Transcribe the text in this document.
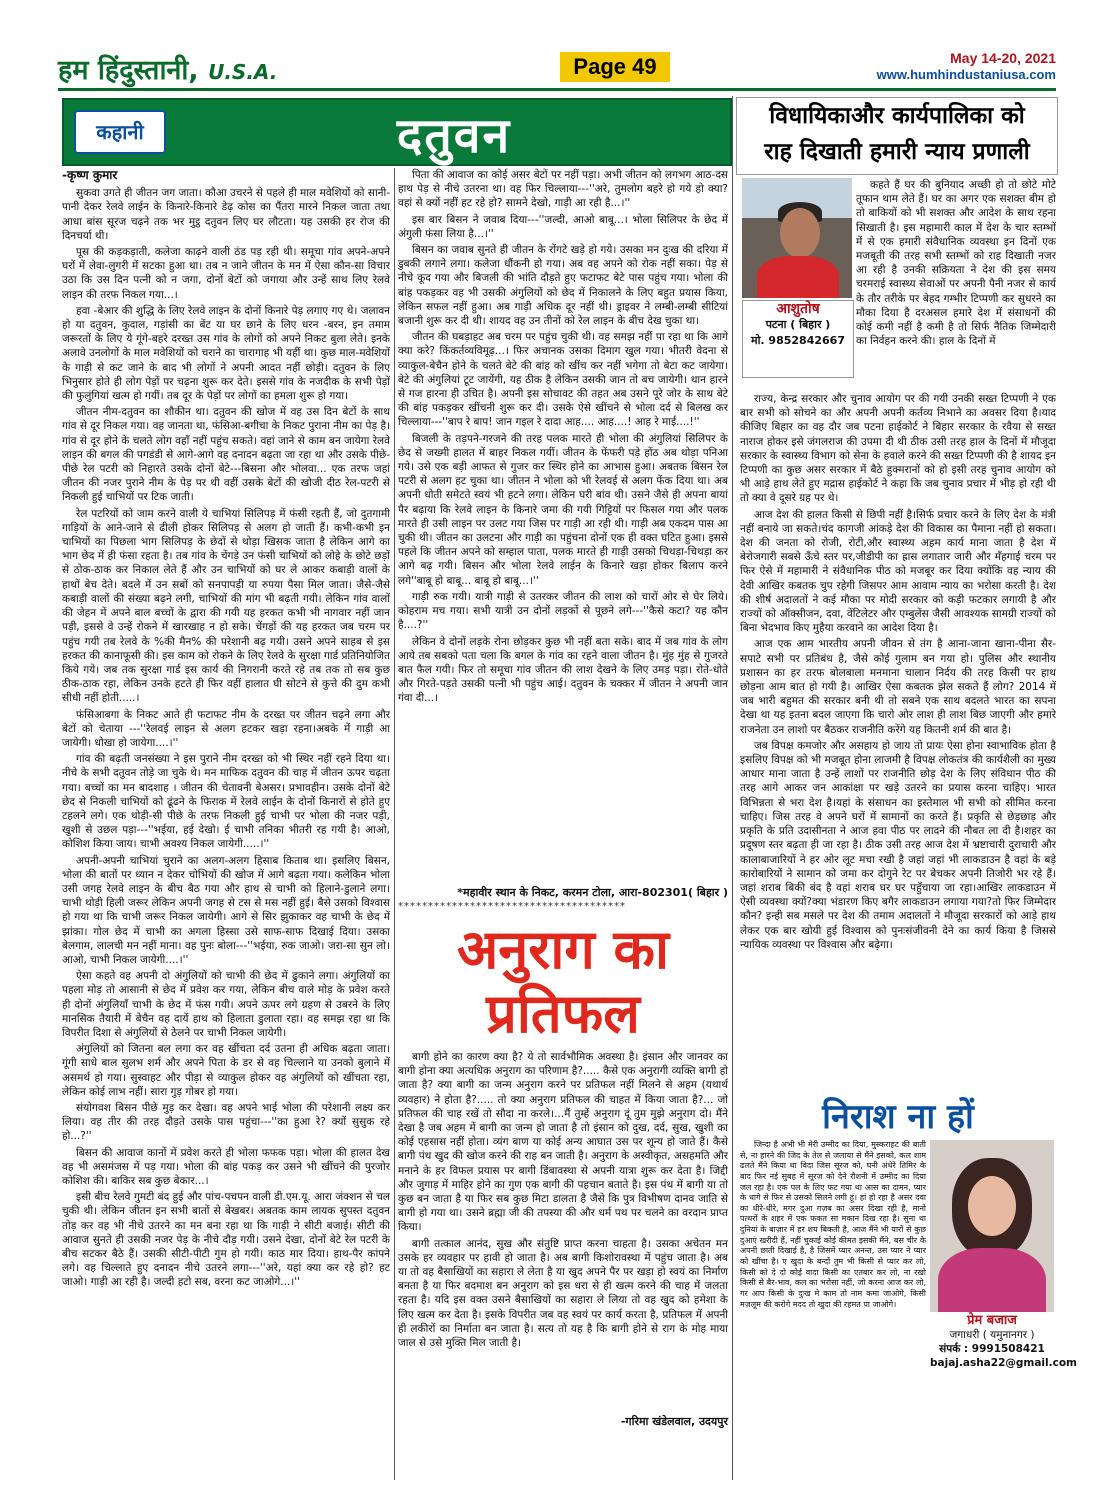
हम हिंदुस्तानी, U.S.A.	Page 49	May 14-20, 2021
www.humhindustaniusa.com
कहानी	दतुवन
-कृष्ण कुमार

सुकवा उगते ही जीतन जग जाता। कौआ उचरने से पहले ही माल मवेशियों को सानी-पानी देकर रेलवे लाईन के किनारे-किनारे डेढ़ कोस का पैंतरा मारने निकल जाता तथा आधा बांस सूरज चढ़ने तक भर मुट्ठ दतुवन लिए घर लौटता। यह उसकी हर रोज की दिनचर्या थी।

पूस की कड़कड़ाती, कलेजा काढ़ने वाली ठंड पड़ रही थी। समूचा गांव अपने-अपने घरों में लेवा-लुगरी में सटका हुआ था। तब न जाने जीतन के मन में ऐसा कौन-सा विचार उठा कि उस दिन पत्नी को न जगा, दोनों बेटों को जगाया और उन्हें साथ लिए रेलवे लाइन की तरफ निकल गया...।

हवा -बेआर की शुद्धि के लिए रेलवे लाइन के दोनों किनारे पेड़ लगाए गए थे। जलावन हो या दतुवन, कुदाल, गड़ांसी का बेंट या घर छाने के लिए धरन -बरन, इन तमाम जरूरतों के लिए ये गूंगे-बहरे दरख्त उस गांव के लोगों को अपने निकट बुला लेते। इनके अलावे उनलोगों के माल मवेशियों को चराने का चारागाह भी यहीं था। कुछ माल-मवेशियों के गाड़ी से कट जाने के बाद भी लोगों ने अपनी आदत नहीं छोड़ी। दतुवन के लिए भिनुसार होते ही लोग पेड़ों पर चढ़ना शुरू कर देते। इससे गांव के नजदीक के सभी पेड़ों की फुलुंगियां खत्म हो गयीं। तब दूर के पेड़ों पर लोगों का हमला शुरू हो गया।

जीतन नीम-दतुवन का शौकीन था। दतुवन की खोज में वह उस दिन बेटों के साथ गांव से दूर निकल गया। वह जानता था, फंसिआ-बगीचा के निकट पुराना नीम का पेड़ है। गांव से दूर होने के चलते लोग वहाँ नहीं पहुंच सकते। वहां जाने से काम बन जायेगा रेलवे लाइन की बगल की पगडंडी से आगे-आगे वह दनादन बढ़ता जा रहा था और उसके पीछे-पीछे रेल पटरी को निहारते उसके दोनों बेटे---बिसना और भोलवा... एक तरफ जहां जीतन की नजर पुराने नीम के पेड़ पर थी वहीं उसके बेटों की खोजी दीठ रेल-पटरी से निकली हुई चाभियों पर टिक जाती।

रेल पटरियों को जाम करने वाली ये चाभियां सिलिपड़ में फंसी रहती हैं, जो दुतगामी गाड़ियों के आने-जाने से ढीली होकर सिलिपड़ से अलग हो जाती हैं। कभी-कभी इन चाभियों का पिछला भाग सिलिपड़ के छेदों से थोड़ा खिसक जाता है लेकिन आगे का भाग छेद में ही फंसा रहता है। तब गांव के चेंगड़े उन फंसी चाभियों को लोहे के छोटे छड़ों से ठोक-ठाक कर निकाल लेते हैं और उन चाभियों को घर ले आकर कबाड़ी वालों के हाथों बेच देते। बदले में उन सबों को सनपापड़ी या रुपया पैसा मिल जाता। जैसे-जैसे कबाड़ी वालों की संख्या बढ़ने लगी, चाभियों की मांग भी बढ़ती गयी। लेकिन गांव वालों की जेहन में अपने बाल बच्चों के द्वारा की गयी यह हरकत कभी भी नागवार नहीं जान पड़ी, इससे वे उन्हें रोकने में खारखाह न हो सके। चेंगड़ों की यह हरकत जब चरम पर पहुंच गयी तब रेलवे के %की मैन% की परेशानी बढ़ गयी। उसने अपने साहब से इस हरकत की कानाफूसी की। इस काम को रोकने के लिए रेलवे के सुरक्षा गार्ड प्रतिनियोजित किये गये। जब तक सुरक्षा गार्ड इस कार्य की निगरानी करते रहे तब तक तो सब कुछ ठीक-ठाक रहा, लेकिन उनके हटते ही फिर वहीं हालात घी सोटने से कुत्ते की दुम कभी सीधी नहीं होती.....।

फंसिआबगा के निकट आते ही फटाफट नीम के दरख्त पर जीतन चढ़ने लगा और बेटों को चेताया ---''रेलवई लाइन से अलग हटकर खड़ा रहना।अबके में गाड़ी आ जायेगी। धोखा हो जायेगा....।''

गांव की बढ़ती जनसंख्या ने इस पुराने नीम दरख्त को भी स्थिर नहीं रहने दिया था। नीचे के सभी दतुवन तोड़े जा चुके थे। मन माफिक दतुवन की चाह में जीतन ऊपर चढ़ता गया। बच्चों का मन बादशाह । जीतन की चेतावनी बेअसर। प्रभावहीन। उसके दोनों बेटे छेद से निकली चाभियों को ढूंढने के फिराक में रेलवे लाईन के दोनों किनारों से होते हुए टहलने लगे। एक थोड़ी-सी पीछे के तरफ निकली हुई चाभी पर भोला की नजर पड़ी, खुशी से उछल पड़ा---''भईया, हई देखो। ई चाभी तनिका भीतरी रह गयी है। आओ, कोशिश किया जाय। चाभी अवश्य निकल जायेगी.....।''

अपनी-अपनी चाभियां चुराने का अलग-अलग हिसाब किताब था। इसलिए बिसन, भोला की बातों पर ध्यान न देकर चोभियों की खोज में आगे बढ़ता गया। कलेकिन भोला उसी जगह रेलवे लाइन के बीच बैठ गया और हाथ से चाभी को हिलाने-डुलाने लगा। चाभी थोड़ी हिली जरूर लेकिन अपनी जगह से टस से मस नहीं हुई। बैसे उसको विश्वास हो गया था कि चाभी जरूर निकल जायेगी। आगे से सिर झुकाकर वह चाभी के छेद में झांका। गोल छेद में चाभी का अगला हिस्सा उसे साफ-साफ दिखाई दिया। उसका बेलगाम, लालची मन नहीं माना। वह पुनः बोला---''भईया, रुक जाओ। जरा-सा सुन लो। आओ, चाभी निकल जायेगी....।''

ऐसा कहते वह अपनी दो अंगुलियों को चाभी की छेद में ढुकाने लगा। अंगुलियों का पहला मोड़ तो आसानी से छेद में प्रवेश कर गया, लेकिन बीच वाले मोड़ के प्रवेश करते ही दोनों अंगुलियाँ चाभी के छेद में फंस गयी। अपने ऊपर लगे ग्रहण से उबरने के लिए मानसिक तैयारी में बेचैन वह दायें हाथ को हिलाता डुलाता रहा। वह समझ रहा था कि विपरीत दिशा से अंगुलियों से ठेलने पर चाभी निकल जायेगी।

अंगुलियों को जितना बल लगा कर वह खींचता दर्द उतना ही अधिक बढ़ता जाता। गूंगी साधे बाल सुलभ शर्म और अपने पिता के डर से वह चिल्लाने या उनको बुलाने में असमर्थ हो गया। सुस्वाहट और पीड़ा से व्याकुल होकर वह अंगुलियों को खींचता रहा, लेकिन कोई लाभ नहीं। सारा गुड़ गोबर हो गया।

संयोगवश बिसन पीछे मुड़ कर देखा। वह अपने भाई भोला की परेशानी लक्ष्य कर लिया। वह तीर की तरह दौड़ते उसके पास पहुंचा---''का हुआ रे? क्यों सुसुक रहे हो...?''

बिसन की आवाज कानों में प्रवेश करते ही भोला फफक पड़ा। भोला की हालत देख वह भी असमंजस में पड़ गया। भोला की बांह पकड़ कर उसने भी खींचने की पुरजोर कोशिश की। बाकिर सब कुछ बेकार...।

इसी बीच रेलवे गुमटी बंद हुई और पांच-पचपन वाली डी.एम.यू. आरा जंक्शन से चल चुकी थी। लेकिन जीतन इन सभी बातों से बेखबर। अबतक काम लायक सुपस्त दतुवन तोड़ कर वह भी नीचे उतरने का मन बना रहा था कि गाड़ी ने सीटी बजाई। सीटी की आवाज सुनते ही उसकी नजर पेड़ के नीचे दौड़ गयी। उसने देखा, दोनों बेटे रेल पटरी के बीच सटकर बैठे हैं। उसकी सीटी-पीटी गुम हो गयी। काठ मार दिया। हाथ-पैर कांपने लगे। वह चिल्लाते हुए दनादन नीचे उतरने लगा---''अरे, यहां क्या कर रहे हो? हट जाओ। गाड़ी आ रही है। जल्दी हटो सब, वरना कट जाओगे...।''

पिता की आवाज का कोई असर बेटों पर नहीं पड़ा। अभी जीतन को लगभग आठ-दस हाथ पेड़ से नीचे उतरना था। वह फिर चिल्लाया---''अरे, तुमलोग बहरे हो गये हो क्या? वहां से क्यों नहीं हट रहे हो? सामने देखो, गाड़ी आ रही है...।''

इस बार बिसन ने जवाब दिया---''जल्दी, आओ बाबू...। भोला सिलिपर के छेद में अंगुली फंसा लिया है...।''

बिसन का जवाब सुनते ही जीतन के रोंगटे खड़े हो गये। उसका मन दुःख की दरिया में डुबकी लगाने लगा। कलेजा धौंकनी हो गया। अब वह अपने को रोक नहीं सका। पेड़ से नीचे कूद गया और बिजली की भांति दौड़ते हुए फटाफट बेटे पास पहुंच गया। भोला की बांह पकड़कर वह भी उसकी अंगुलियों को छेद में निकालने के लिए बहुत प्रयास किया, लेकिन सफल नहीं हुआ। अब गाड़ी अधिक दूर नहीं थी। ड्राइवर ने लम्बी-लम्बी सीटियां बजानी शुरू कर दी थी। शायद वह उन तीनों को रेल लाइन के बीच देख चुका था।

जीतन की घबड़ाहट अब चरम पर पहुंच चुकी थी। वह समझ नहीं पा रहा था कि आगे क्या करे? किंकर्तव्यविमूढ़...। फिर अचानक उसका दिमाग खुल गया। भीतरी वेदना से व्याकुल-बेचैन होने के चलते बेटे की बांह को खींच कर नहीं भगेगा तो बेटा कट जायेगा। बेटे की अंगुलियां टूट जायेंगी, यह ठीक है लेकिन उसकी जान तो बच जायेगी। थान हारने से गज हारना ही उचित है। अपनी इस सोचावट की तहत अब उसने पूरे जोर के साथ बेटे की बांह पकड़कर खींचनी शुरू कर दी। उसके ऐसे खींचने से भोला दर्द से बिलख कर चिल्लाया---''बाप रे बाप! जान गइल रे दादा आह.... आह....! आह रे माई....!''

बिजली के तड़पने-गरजने की तरह पलक मारते ही भोला की अंगुलियां सिलिपर के छेद से जख्मी हालत में बाहर निकल गयीं। जीतन के फेंफरी पड़े होंठ अब थोड़ा पनिआ गये। उसे एक बड़ी आफत से गुजर कर स्थिर होने का आभास हुआ। अबतक बिसन रेल पटरी से अलग हट चुका था। जीतन ने भोला को भी रेलवई से अलग फेंक दिया था। अब अपनी धोती समेटते स्वयं भी हटने लगा। लेकिन घरी बांव थी। उसने जैसे ही अपना बायां पैर बढ़ाया कि रेलवे लाइन के किनारे जमा की गयी गिट्टियों पर फिसल गया और पलक मारते ही उसी लाइन पर उलट गया जिस पर गाड़ी आ रही थी। गाड़ी अब एकदम पास आ चुकी थी। जीतन का उलटना और गाड़ी का पहुंचना दोनों एक ही वक्त घटित हुआ। इससे पहले कि जीतन अपने को सम्हाल पाता, पलक मारते ही गाड़ी उसको चिथड़ा-चिथड़ा कर आगे बढ़ गयी। बिसन और भोला रेलवे लाईन के किनारे खड़ा होकर बिलाप करने लगे''बाबू हो बाबू... बाबू हो बाबू...।''

गाड़ी रुक गयी। यात्री गाड़ी से उतरकर जीतन की लाश को चारों ओर से घेर लिये। कोहराम मच गया। सभी यात्री उन दोनों लड़कों से पूछने लगे---''कैसे कटा? यह कौन है....?''

लेकिन वे दोनों लड़के रोना छोड़कर कुछ भी नहीं बता सके। बाद में जब गांव के लोग आये तब सबको पता चला कि बगल के गांव का रहने वाला जीतन है। मुंह मुंह से गुजरते बात फैल गयी। फिर तो समूचा गांव जीतन की लाश देखने के लिए उमड़ पड़ा। रोते-धोते और गिरते-पड़ते उसकी पत्नी भी पहुंच आई। दतुवन के चक्कर में जीतन ने अपनी जान गंवा दी...।

*महावीर स्थान के निकट, करमन टोला, आरा-802301( बिहार )
**************************************
अनुराग का
प्रतिफल

बागी होने का कारण क्या है? ये तो सार्वभौमिक अवस्था है। इंसान और जानवर का बागी होना क्या अत्यधिक अनुराग का परिणाम है?..... कैसे एक अनुरागी व्यक्ति बागी हो जाता है? क्या बागी का जन्म अनुराग करने पर प्रतिफल नहीं मिलने से अहम (यथार्थ व्यवहार) ने होता है?..... तो क्या अनुराग प्रतिफल की चाहत में किया जाता है?... जो प्रतिफल की चाह रखें तो सौदा ना करले।...मैं तुम्हें अनुराग दूं तुम मुझे अनुराग दो। मैंने देखा है जब अहम में बागी का जन्म हो जाता है तो इंसान को दुख, दर्द, सुख, खुशी का कोई एहसास नहीं होता। व्यंग बाण या कोई अन्य आघात उस पर शून्य हो जाते हैं। कैसे बागी पंथ खुद की खोज करने की राह बन जाती है। अनुराग के अस्वीकृत, असहमति और मनाने के हर विफल प्रयास पर बागी डिंबावस्था से अपनी यात्रा शुरू कर देता है। जिद्दी और जुगाड़ में माहिर होने का गुण एक बागी की पहचान बताते है। इस पंथ में बागी या तो कुछ बन जाता है या फिर सब कुछ मिटा डालता है जैसे कि पुत्र विभीषण दानव जाति से बागी हो गया था। उसने ब्रह्मा जी की तपस्या की और धर्म पथ पर चलने का वरदान प्राप्त किया।

बागी तत्काल आनंद, सुख और संतुष्टि प्राप्त करना चाहता है। उसका अचेतन मन उसके हर व्यवहार पर हावी हो जाता है। अब बागी किशोरावस्था में पहुंच जाता है। अब या तो वह बैसाखियों का सहारा ले लेता है या खुद अपने पैर पर खड़ा हो स्वयं का निर्माण बनता है या फिर बदमाश बन अनुराग को इस धरा से ही खत्म करने की चाह में जलता रहता है। यदि इस वक्त उसने बैसाखियों का सहारा ले लिया तो वह खुद को हमेशा के लिए खत्म कर देता है। इसके विपरीत जब वह स्वयं पर कार्य करता है, प्रतिफल में अपनी ही लकीरों का निर्माता बन जाता है। सत्य तो यह है कि बागी होने से राग के मोह माया जाल से उसे मुक्ति मिल जाती है।

-गरिमा खंडेलवाल, उदयपुर
विधायिकाऔर कार्यपालिका को
राह दिखाती हमारी न्याय प्रणाली

कहते हैं घर की बुनियाद अच्छी हो तो छोटे मोटे तूफान थाम लेते हैं। घर का अगर एक सशक्त बीम हो तो बाकियों को भी सशक्त और आदेश के साथ रहना सिखाती है। इस महामारी काल में देश के चार स्तम्भों में से एक हमारी संवैधानिक व्यवस्था इन दिनों एक मजबूती की तरह सभी स्तम्भों को राह दिखाती नजर आ रही है उनकी सक्रियता ने देश की इस समय चरमराई स्वास्थ्य सेवाओं पर अपनी पैनी नजर से कार्य के तौर तरीके पर बेहद गम्भीर टिप्पणी कर सुधरने का मौका दिया है दरअसल हमारे देश में संसाधनों की कोई कमी नहीं है कमी है तो सिर्फ नैतिक जिम्मेदारी का निर्वहन करने की। हाल के दिनों में

आशुतोष
पटना ( बिहार )
मो. 9852842667

राज्य, केन्द्र सरकार और चुनाव आयोग पर की गयी उनकी सख्त टिप्पणी ने एक बार सभी को सोचने का और अपनी अपनी कर्तव्य निभाने का अवसर दिया है।याद कीजिए बिहार का वह दौर जब पटना हाईकोर्ट ने बिहार सरकार के रवैया से सख्त नाराज होकर इसे जंगलराज की उपमा दी थी ठीक उसी तरह हाल के दिनों में मौजूदा सरकार के स्वास्थ्य विभाग को सेना के हवाले करने की सख्त टिप्पणी की है शायद इन टिप्पणी का कुछ असर सरकार में बैठे हुक्मरानों को हो इसी तरह चुनाव आयोग को भी आड़े हाथ लेते हुए मद्रास हाईकोर्ट ने कहा कि जब चुनाव प्रचार में भीड़ हो रही थी तो क्या वे दूसरे ग्रह पर थे।

आज देश की हालत किसी से छिपी नहीं है।सिर्फ प्रचार करने के लिए देश के मंत्री नहीं बनाये जा सकते।चंद कागजी आंकड़े देश की विकास का पैमाना नहीं हो सकता। देश की जनता को रोजी, रोटी,और स्वास्थ्य अहम कार्य माना जाता है देश में बेरोजगारी सबसे ऊँचे स्तर पर,जीडीपी का ह्रास लगातार जारी और मँहगाई चरम पर फिर ऐसे में महामारी ने संवैधानिक पीठ को मजबूर कर दिया क्योंकि वह न्याय की देवी आखिर कबतक चुप रहेगी जिसपर आम आवाम न्याय का भरोसा करती है। देश की शीर्ष अदालतों ने कई मौका पर मोदी सरकार को कड़ी फटकार लगायी है और राज्यों को ऑक्सीजन, दवा, वेंटिलेटर और एम्बुलेंस जैसी आवश्यक सामग्री राज्यों को बिना भेदभाव किए मुहैया करवाने का आदेश दिया है।

आज एक आम भारतीय अपनी जीवन से तंग है आना-जाना खाना-पीना सैर-सपाटे सभी पर प्रतिबंध है, जैसे कोई गुलाम बन गया हो। पुलिस और स्थानीय प्रशासन का हर तरफ बोलबाला मनमाना चालान निर्दय की तरह किसी पर हाथ छोड़ना आम बात हो गयी है। आखिर ऐसा कबतक झेल सकते हैं लोग? 2014 में जब भारी बहुमत की सरकार बनी थी तो सबने एक साथ बदलते भारत का सपना देखा था यह इतना बदल जाएगा कि चारो ओर लाश ही लाश बिछ जाएगी और हमारे राजनेता उन लाशो पर बैठकर राजनीति करेंगे यह कितनी शर्म की बात है।

जब विपक्ष कमजोर और असहाय हो जाय तो प्रायः ऐसा होना स्वाभाविक होता है इसलिए विपक्ष को भी मजबूत होना लाजमी है विपक्ष लोकतंत्र की कार्यशैली का मुख्य आधार माना जाता है उन्हें लाशों पर राजनीति छोड़ देश के लिए संविधान पीठ की तरह आगे आकर जन आकांक्षा पर खड़े उतरने का प्रयास करना चाहिए। भारत विभिन्नता से भरा देश है।यहां के संसाधन का इस्तेमाल भी सभी को सीमित करना चाहिए। जिस तरह वे अपने घरों में सामानों का करते हैं। प्रकृति से छेड़छाड़ और प्रकृति के प्रति उदासीनता ने आज हवा पीठ पर लादने की नौबत ला दी है।शहर का प्रदूषण स्तर बढ़ता ही जा रहा है। ठीक उसी तरह आज देश में भ्रष्टाचारी दुराचारी और कालाबाजारियों ने हर ओर लूट मचा रखी है जहां जहां भी लाकडाउन है वहां के बड़े कारोबारियों ने सामान को जमा कर दोगुने रेट पर बेचकर अपनी तिजोरी भर रहे हैं।जहां शराब बिकी बंद है वहां शराब घर घर पहुँचाया जा रहा।आखिर लाकडाउन में ऐसी व्यवस्था क्यों?क्या भंडारण किए बगैर लाकडाउन लगाया गया?तो फिर जिम्मेदार कौन? इन्ही सब मसले पर देश की तमाम अदालतों ने मौजूदा सरकारों को आड़े हाथ लेकर एक बार खोयी हुई विश्वास को पुनःसंजीवनी देने का कार्य किया है जिससे न्यायिक व्यवस्था पर विश्वास और बढ़ेगा।

निराश ना हों

जिन्दा है अभी भी मेरी उम्मीद का दिया, मुस्कराहट की बाती से, ना हारने की जिद के तेल से जलाया से मैंने इसको, कल शाम ढलते मैंने किया था विदा जिस सूरज को, घनी अंधेरे तिमिर के बाद फिर नई सुबह में सूरज को देने रौशनी में उम्मीद का दिया जल रहा है। एक पल के लिए फट गया था आस का दामन, प्यार के धागे से फिर से उसको सिलने लगी हूं। हां हो रहा है असर दवा का धीरे-धीरे, मगर दुआ गज़ब का असर दिखा रही है, मानो पत्थरों के शहर में एक फकत सा मकान दिख रहा है। सुना था दुनियां के बाज़ार में हर शय बिकती है, आज मैंने भी यारों से कुछ दुआएं खरीदी हैं, नहीं चुकाई कोई कीमत इसकी मैंने, बस चीर के अपनी छाती दिखाई है, है जिसमें प्यार अनन्त, उस प्यार ने प्यार को खींचा है। ए खुदा के बन्दों तुम भी किसी से प्यार कर लो, किसी को दे दो कोई वादा किसी का एतबार कर लो, ना रखो किसी से बैर-भाव, कल का भरोसा नहीं, जो करना आज कर लो, गर आप किसी के दुःख मे काम तो नाम कमा जाओगे, किसी मज़लूम की करोगे मदद तो खुदा की रहमत पा जाओगे।

प्रेम बजाज
जगाधरी ( यमुनानगर )
संपर्क : 9991508421
bajaj.asha22@gmail.com
